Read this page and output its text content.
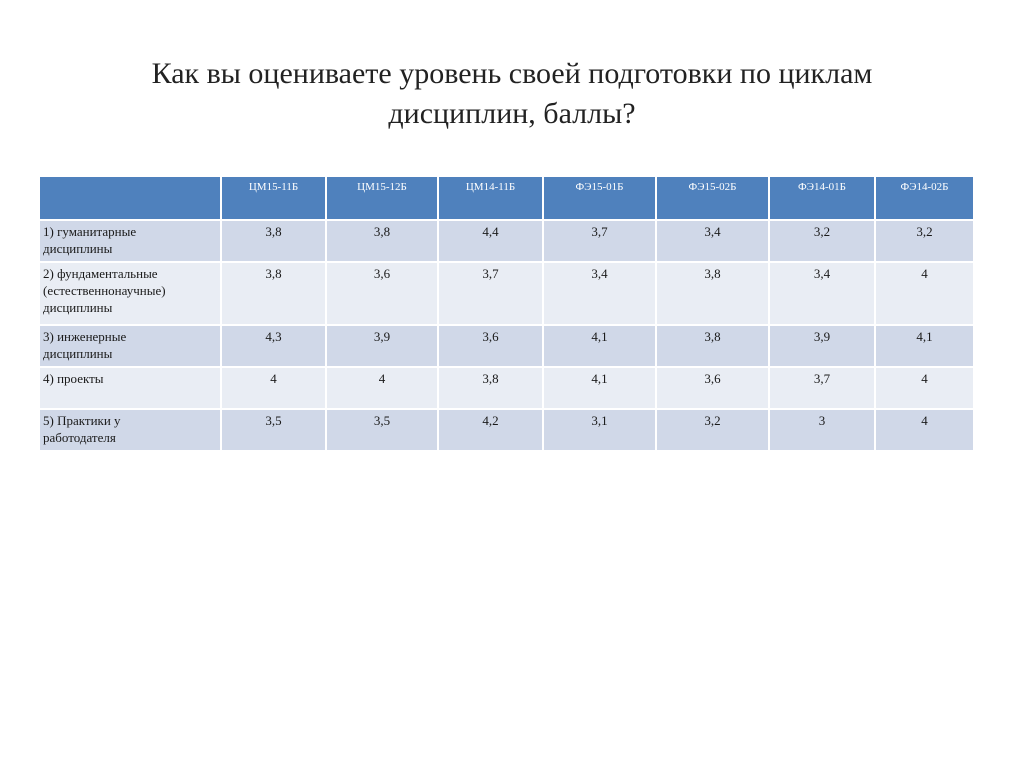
Как вы оцениваете уровень своей подготовки по циклам
дисциплин, баллы?
	ЦМ15-11Б	ЦМ15-12Б	ЦМ14-11Б	ФЭ15-01Б	ФЭ15-02Б	ФЭ14-01Б	ФЭ14-02Б

1) гуманитарные
дисциплины	3,8	3,8	4,4	3,7	3,4	3,2	3,2

2) фундаментальные
(естественнонаучные)
дисциплины	3,8	3,6	3,7	3,4	3,8	3,4	4

3) инженерные
дисциплины	4,3	3,9	3,6	4,1	3,8	3,9	4,1

4) проекты	4	4	3,8	4,1	3,6	3,7	4

5) Практики у
работодателя	3,5	3,5	4,2	3,1	3,2	3	4
